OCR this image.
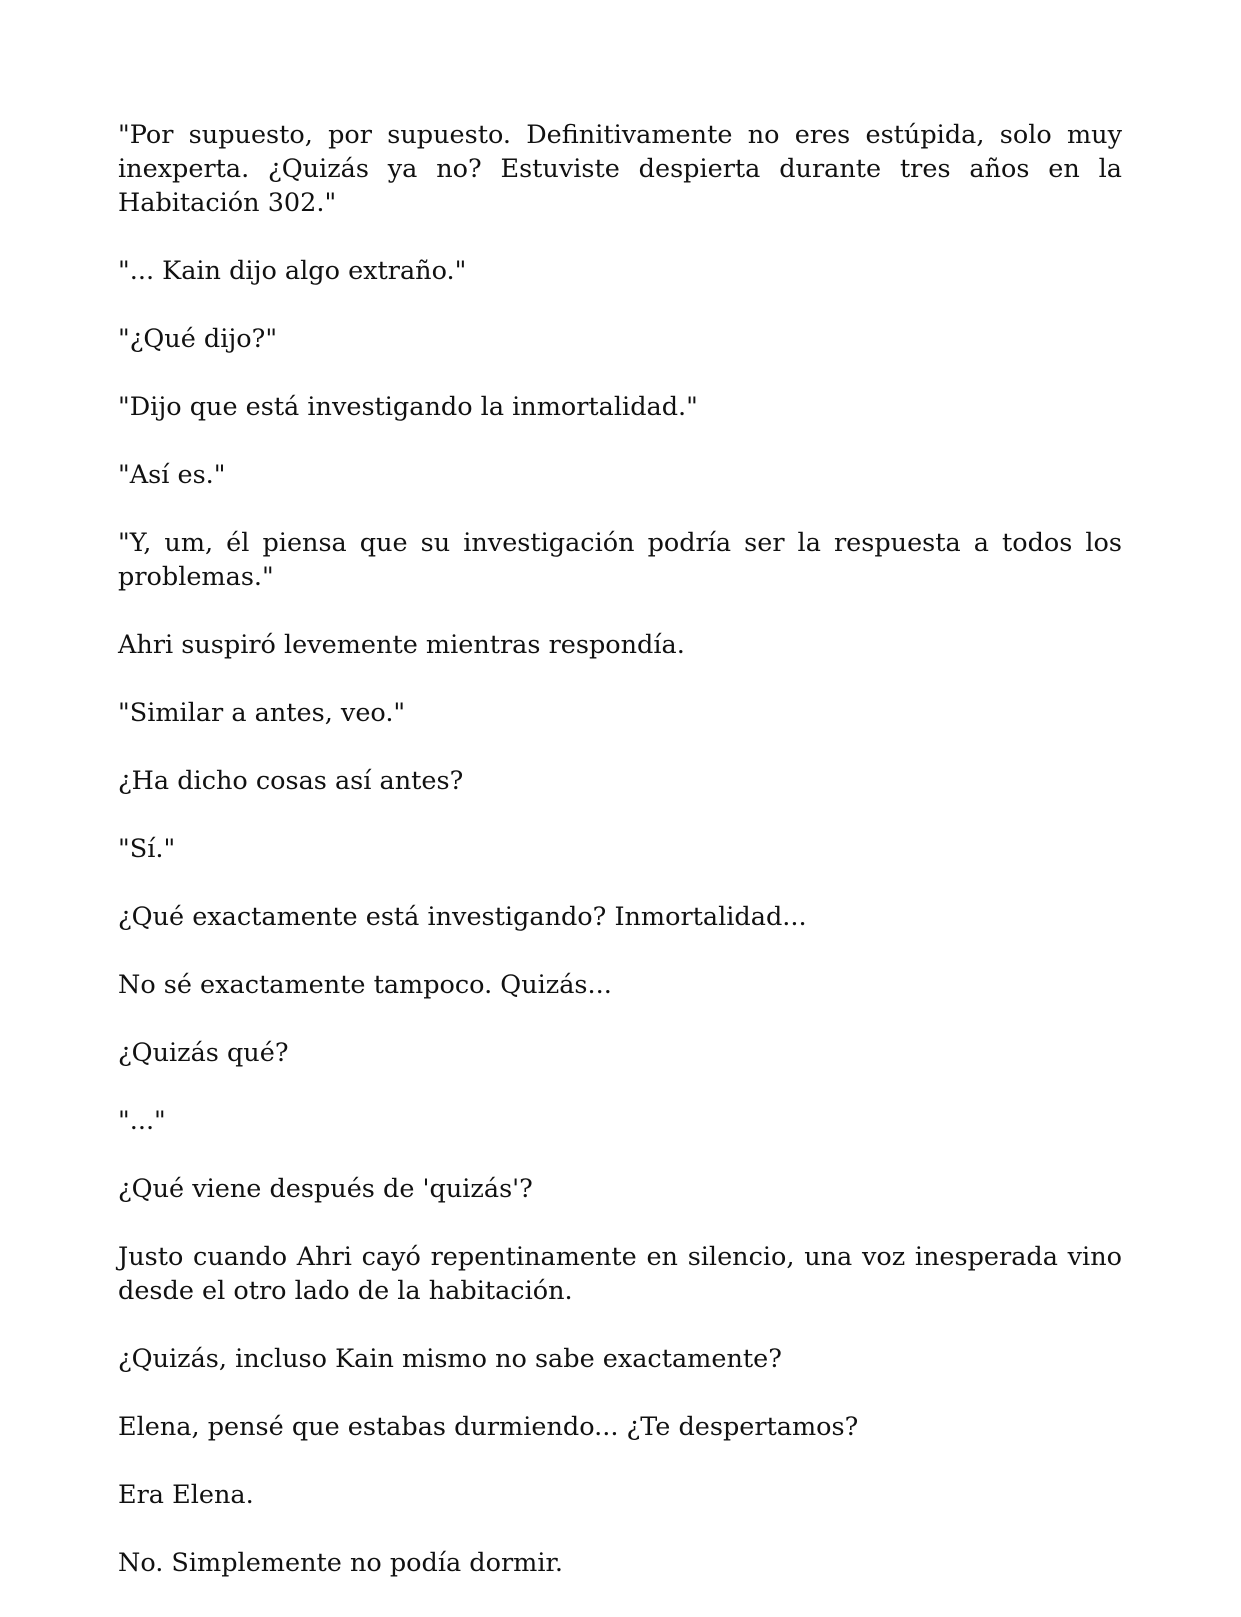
"Por supuesto, por supuesto. Definitivamente no eres estúpida, solo muy inexperta. ¿Quizás ya no? Estuviste despierta durante tres años en la Habitación 302."

"... Kain dijo algo extraño."

"¿Qué dijo?"

"Dijo que está investigando la inmortalidad."

"Así es."

"Y, um, él piensa que su investigación podría ser la respuesta a todos los problemas."

Ahri suspiró levemente mientras respondía.

"Similar a antes, veo."

¿Ha dicho cosas así antes?

"Sí."

¿Qué exactamente está investigando? Inmortalidad...

No sé exactamente tampoco. Quizás...

¿Quizás qué?

"..."

¿Qué viene después de 'quizás'?

Justo cuando Ahri cayó repentinamente en silencio, una voz inesperada vino desde el otro lado de la habitación.

¿Quizás, incluso Kain mismo no sabe exactamente?

Elena, pensé que estabas durmiendo... ¿Te despertamos?

Era Elena.

No. Simplemente no podía dormir.
